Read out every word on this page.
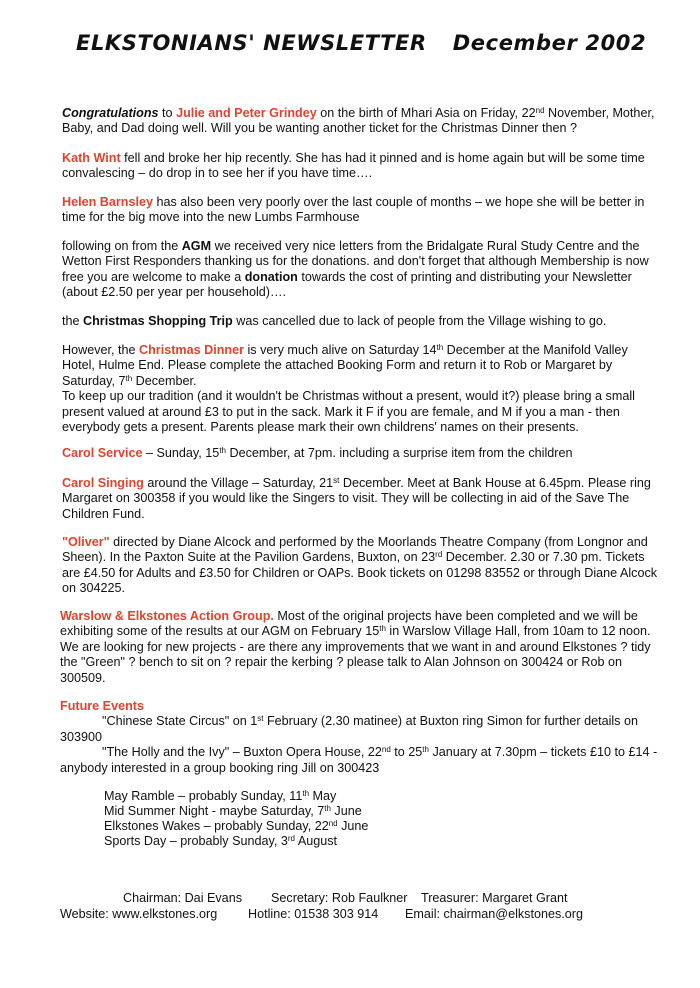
ELKSTONIANS' NEWSLETTER December 2002

Congratulations to Julie and Peter Grindey on the birth of Mhari Asia on Friday, 22nd November, Mother, Baby, and Dad doing well. Will you be wanting another ticket for the Christmas Dinner then ?

Kath Wint fell and broke her hip recently. She has had it pinned and is home again but will be some time convalescing – do drop in to see her if you have time….

Helen Barnsley has also been very poorly over the last couple of months – we hope she will be better in time for the big move into the new Lumbs Farmhouse

following on from the AGM we received very nice letters from the Bridalgate Rural Study Centre and the Wetton First Responders thanking us for the donations. and don't forget that although Membership is now free you are welcome to make a donation towards the cost of printing and distributing your Newsletter (about £2.50 per year per household)….

the Christmas Shopping Trip was cancelled due to lack of people from the Village wishing to go.

However, the Christmas Dinner is very much alive on Saturday 14th December at the Manifold Valley Hotel, Hulme End. Please complete the attached Booking Form and return it to Rob or Margaret by Saturday, 7th December.
To keep up our tradition (and it wouldn't be Christmas without a present, would it?) please bring a small present valued at around £3 to put in the sack. Mark it F if you are female, and M if you a man - then everybody gets a present. Parents please mark their own childrens' names on their presents.

Carol Service – Sunday, 15th December, at 7pm. including a surprise item from the children

Carol Singing around the Village – Saturday, 21st December. Meet at Bank House at 6.45pm. Please ring Margaret on 300358 if you would like the Singers to visit. They will be collecting in aid of the Save The Children Fund.

"Oliver" directed by Diane Alcock and performed by the Moorlands Theatre Company (from Longnor and Sheen). In the Paxton Suite at the Pavilion Gardens, Buxton, on 23rd December. 2.30 or 7.30 pm. Tickets are £4.50 for Adults and £3.50 for Children or OAPs. Book tickets on 01298 83552 or through Diane Alcock on 304225.

Warslow & Elkstones Action Group. Most of the original projects have been completed and we will be exhibiting some of the results at our AGM on February 15th in Warslow Village Hall, from 10am to 12 noon. We are looking for new projects - are there any improvements that we want in and around Elkstones ? tidy the "Green" ? bench to sit on ? repair the kerbing ? please talk to Alan Johnson on 300424 or Rob on 300509.

Future Events
"Chinese State Circus" on 1st February (2.30 matinee) at Buxton ring Simon for further details on 303900
"The Holly and the Ivy" – Buxton Opera House, 22nd to 25th January at 7.30pm – tickets £10 to £14 - anybody interested in a group booking ring Jill on 300423
May Ramble – probably Sunday, 11th May
Mid Summer Night - maybe Saturday, 7th June
Elkstones Wakes – probably Sunday, 22nd June
Sports Day – probably Sunday, 3rd August
Chairman: Dai Evans Secretary: Rob Faulkner Treasurer: Margaret Grant
Website: www.elkstones.org Hotline: 01538 303 914 Email: chairman@elkstones.org
